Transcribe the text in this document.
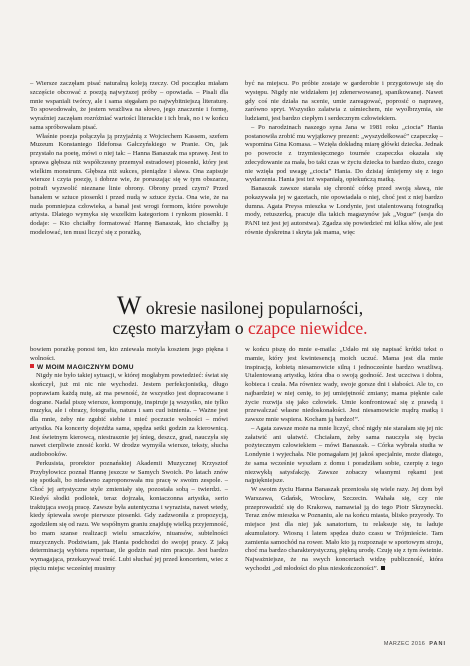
– Wiersze zaczęłam pisać naturalną koleją rzeczy. Od początku miałam szczęście obcować z poezją najwyższej próby – opowiada. – Pisali dla mnie wspaniali twórcy, ale i sama sięgałam po najwybitniejszą literaturę. To spowodowało, że jestem wrażliwa na słowo, jego znaczenie i formę, wyraźniej zaczęłam rozróżniać wartości literackie i ich brak, no i w końcu sama spróbowałam pisać.

Właśnie poezja połączyła ją przyjaźnią z Wojciechem Kassem, szefem Muzeum Konstantego Ildefonsa Gałczyńskiego w Pranie. On, jak przystało na poetę, mówi o niej tak: – Hanna Banaszak ma sprawę. Jest to sprawa głębsza niż współczesny przemysł estradowej piosenki, który jest wielkim monstrum. Głębsza niż sukces, pieniądze i sława. Ona zapisuje wiersze i czyta poezję, i dobrze wie, że poruszając się w tym obszarze, potrafi wyzwolić nieznane linie obrony. Obrony przed czym? Przed banałem w sztuce piosenki i przed nudą w sztuce życia. Ona wie, że na nuda pomniejsza człowieka, a banał jest wrogi formom, które powołuje artysta. Dlatego wymyka się wszelkim kategoriom i rynkom piosenki. I dodaje: – Kto chciałby formatować Hannę Banaszak, kto chciałby ją modelować, ten musi liczyć się z porażką,

być na miejscu. Po próbie zostaje w garderobie i przygotowuje się do występu. Nigdy nie widziałem jej zdenerwowanej, spanikowanej. Nawet gdy coś nie działa na scenie, umie zareagować, poprosić o naprawę, zarówno spryt. Wszystko zalatwia z uśmiechem, nie wyolbrzymia, sie ludziami, jest bardzo ciepłym i serdecznym człowiekiem.

– Po narodzinach naszego syna Jana w 1981 roku „ciocia” Hania postanowiła zrobić mu wyjątkowy prezent: „wyszydełkować” czapeczkę – wspomina Gina Komasa. – Wzięła dokładną miarę główki dziecka. Jednak po powrocie z trzymiesięcznego tournée czapeczka okazała się zdecydowanie za mała, bo taki czas w życiu dziecka to bardzo dużo, czego nie wzięła pod uwagę „ciocia” Hania. Do dzisiaj śmiejemy się z tego wydarzenia. Hania jest też wspaniałą, opiekuńczą matką.

Banaszak zawsze starała się chronić córkę przed swoją sławą, nie pokazywała jej w gazetach, nie opowiadała o niej, choć jest z niej bardzo dumna. Agata Preyss mieszka w Londynie, jest utalentowaną fotografką mody, retuszerką, pracuje dla takich magazynów jak „Vogue” (sesja do PANI też jest jej autorstwa). Zgadza się powiedzieć mi kilka słów, ale jest równie dyskretna i skryta jak mama, więc

W okresie nasilonej popularności,
często marzyłam o czapce niewidce.

bowiem porażkę ponosi ten, kto zniewala motyla kosztem jego piękna i wolności.

W MOIM MAGICZNYM DOMU

Nigdy nie było takiej sytuacji, w której mogłabym powiedzieć: świat się skończył, już mi nic nie wychodzi. Jestem perfekcjonistką, długo poprawiam każdą nutę, aż ma pewność, że wszystko jest dopracowane i dograne. Nadal piszę wiersze, komponuję, inspiruje ją wszystko, nie tylko muzyka, ale i obrazy, fotografia, natura i sam cud istnienia. – Ważne jest dla mnie, żeby nie zgubić siebie i mieć poczucie wolności – mówi artystka. Na koncerty dojeżdża sama, spędza setki godzin za kierownicą. Jest świetnym kierowcą, niestrasznie jej śnieg, deszcz, grad, nauczyła się nawet cierpliwie znosić korki. W drodze wymyśla wiersze, teksty, słucha audiobooków.

Perkusista, prorektor poznańskiej Akademii Muzycznej Krzysztof Przybyłowicz poznał Hannę jeszcze w Samych Swoich. Po latach znów się spotkali, bo niedawno zaproponowała mu pracę w swoim zespole. – Choć jej artystyczne style zmieniały się, pozostała sobą – twierdzi. – Kiedyś słodki podlotek, teraz dojrzała, koniaczonna artystka, serio traktująca swoją pracę. Zawsze była autentyczna i wyrazista, nawet wtedy, kiedy śpiewała swoje pierwsze piosenki. Gdy zadzwoniła z propozycją, zgodziłem się od razu. We współnym graniu znajduję wielką przyjemność, bo mam szanse realizacji wielu smaczków, niuansów, subtelności muzycznych. Podziwiam, jak Hania podchodzi do swojej pracy. Z jaką determinacją wybiera repertuar, ile godzin nad nim pracuje. Jest bardzo wymagająca, przekazywać treść. Lubi słuchać jej przed koncertem, wiec z pięciu miejsc wcześniej musimy

w końcu piszę do mnie e-maila: „Udało mi się napisać krótki tekst o mamie, który jest kwintesencją moich uczuć. Mama jest dla mnie inspiracją, kobietą niesamowicie silną i jednocześnie bardzo wrażliwą. Utalentowaną artystką, która dba o swoją godność. Jest uczciwa i dobra, kobieca i czuła. Ma równiez wady, swoje gorsze dni i słabości. Ale to, co najbardziej w niej cenię, to jej umiejętność zmiany; mama pięknie cale życie rozwija się jako człowiek. Umie konfrontować się z prawdą i przewalczać własne niedoskonałości. Jest niesamowicie mądrą matką i zawsze mnie wspiera. Kocham ją bardzo!”.

– Agata zawsze może na mnie liczyć, choć nigdy nie starałam się jej nic załatwić ani ułatwić. Chciałam, żeby sama nauczyła się bycia pożytecznym człowiekiem – mówi Banaszak. – Córka wybrała studia w Londynie i wyjechała. Nie pomagałam jej jakoś specjalnie, może dlatego, że sama wcześnie wyszłam z domu i poradziłam sobie, czerpię z tego niezwykłą satysfakcję. Zawsze zobaczy własnymi rękami jest najpiękniejsze.

W swoim życiu Hanna Banaszak przeniosła się wiele razy. Jej dom był Warszawa, Gdańsk, Wrocław, Szczecin. Wahała się, czy nie przeprowadzić się do Krakowa, namawiał ją do tego Piotr Skrzynecki. Teraz znów mieszka w Poznaniu, ale na końcu miasta, blisko przyrody. To miejsce jest dla niej jak sanatorium, tu relaksuje się, tu ładuje akumulatory. Wiosną i latem spędza dużo czasu w Trójmieście. Tam zamienia samochód na rower. Mało kto ją rozpoznaje w sportowym stroju, choć ma bardzo charakterystyczną, piękną urodę. Czuję się z tym świetnie. Najważniejsze, że na swych koncertach widzę publiczność, która wychodzi „od młodości do plus nieskończoności”.

MARZEC 2016 PANI
